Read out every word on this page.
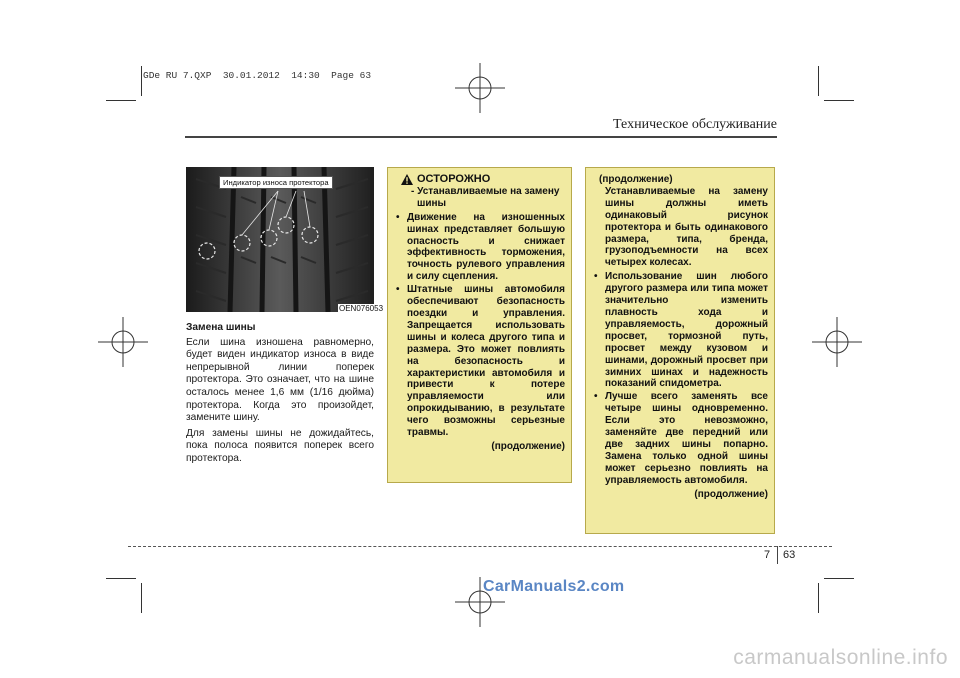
GDe RU 7.QXP  30.01.2012  14:30  Page 63
Техническое обслуживание
Индикатор износа протектора
OEN076053
Замена шины

Если шина изношена равномерно, будет виден индикатор износа в виде непрерывной линии поперек протектора. Это означает, что на шине осталось менее 1,6 мм (1/16 дюйма) протектора. Когда это произойдет, замените шину.

Для замены шины не дожидайтесь, пока полоса появится поперек всего протектора.

ОСТОРОЖНО
- Устанавливаемые на замену шины
• Движение на изношенных шинах представляет большую опасность и снижает эффективность торможения, точность рулевого управления и силу сцепления.
• Штатные шины автомобиля обеспечивают безопасность поездки и управления. Запрещается использовать шины и колеса другого типа и размера. Это может повлиять на безопасность и характеристики автомобиля и привести к потере управляемости или опрокидыванию, в результате чего возможны серьезные травмы.
(продолжение)
(продолжение)
Устанавливаемые на замену шины должны иметь одинаковый рисунок протектора и быть одинакового размера, типа, бренда, грузоподъемности на всех четырех колесах.
• Использование шин любого другого размера или типа может значительно изменить плавность хода и управляемость, дорожный просвет, тормозной путь, просвет между кузовом и шинами, дорожный просвет при зимних шинах и надежность показаний спидометра.
• Лучше всего заменять все четыре шины одновременно. Если это невозможно, заменяйте две передний или две задних шины попарно. Замена только одной шины может серьезно повлиять на управляемость автомобиля.
(продолжение)
7 63
CarManuals2.com
carmanualsonline.info
